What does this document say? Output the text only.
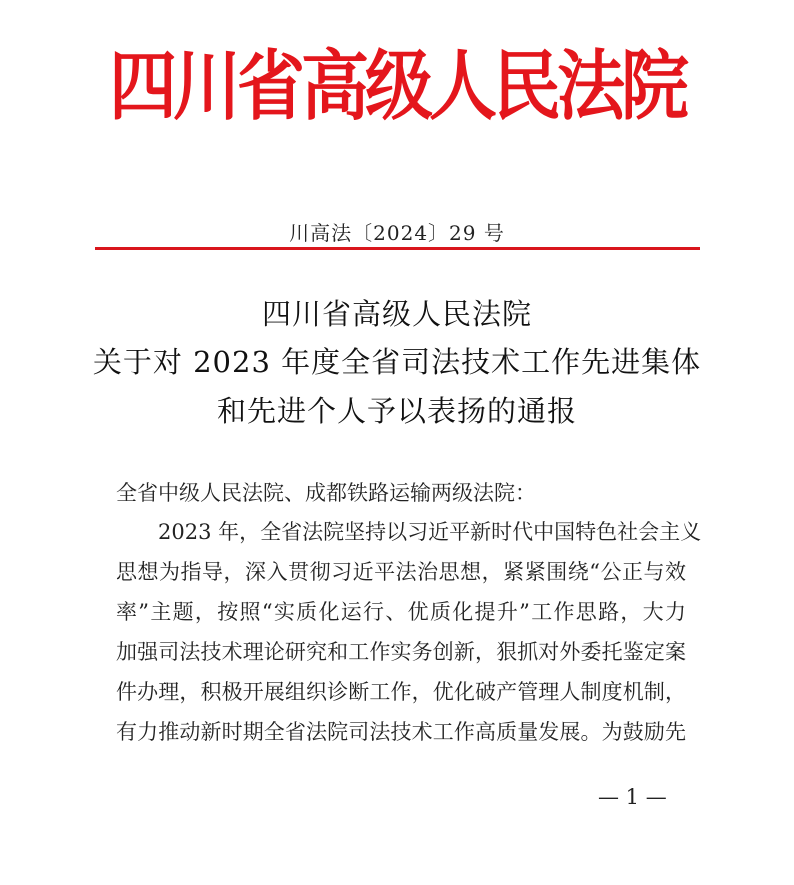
四川省高级人民法院
川高法〔2024〕29 号
四川省高级人民法院
关于对 2023 年度全省司法技术工作先进集体
和先进个人予以表扬的通报
全省中级人民法院、成都铁路运输两级法院：
2023 年，全省法院坚持以习近平新时代中国特色社会主义
思想为指导，深入贯彻习近平法治思想，紧紧围绕“公正与效
率”主题，按照“实质化运行、优质化提升”工作思路，大力
加强司法技术理论研究和工作实务创新，狠抓对外委托鉴定案
件办理，积极开展组织诊断工作，优化破产管理人制度机制，
有力推动新时期全省法院司法技术工作高质量发展。为鼓励先
— 1 —
